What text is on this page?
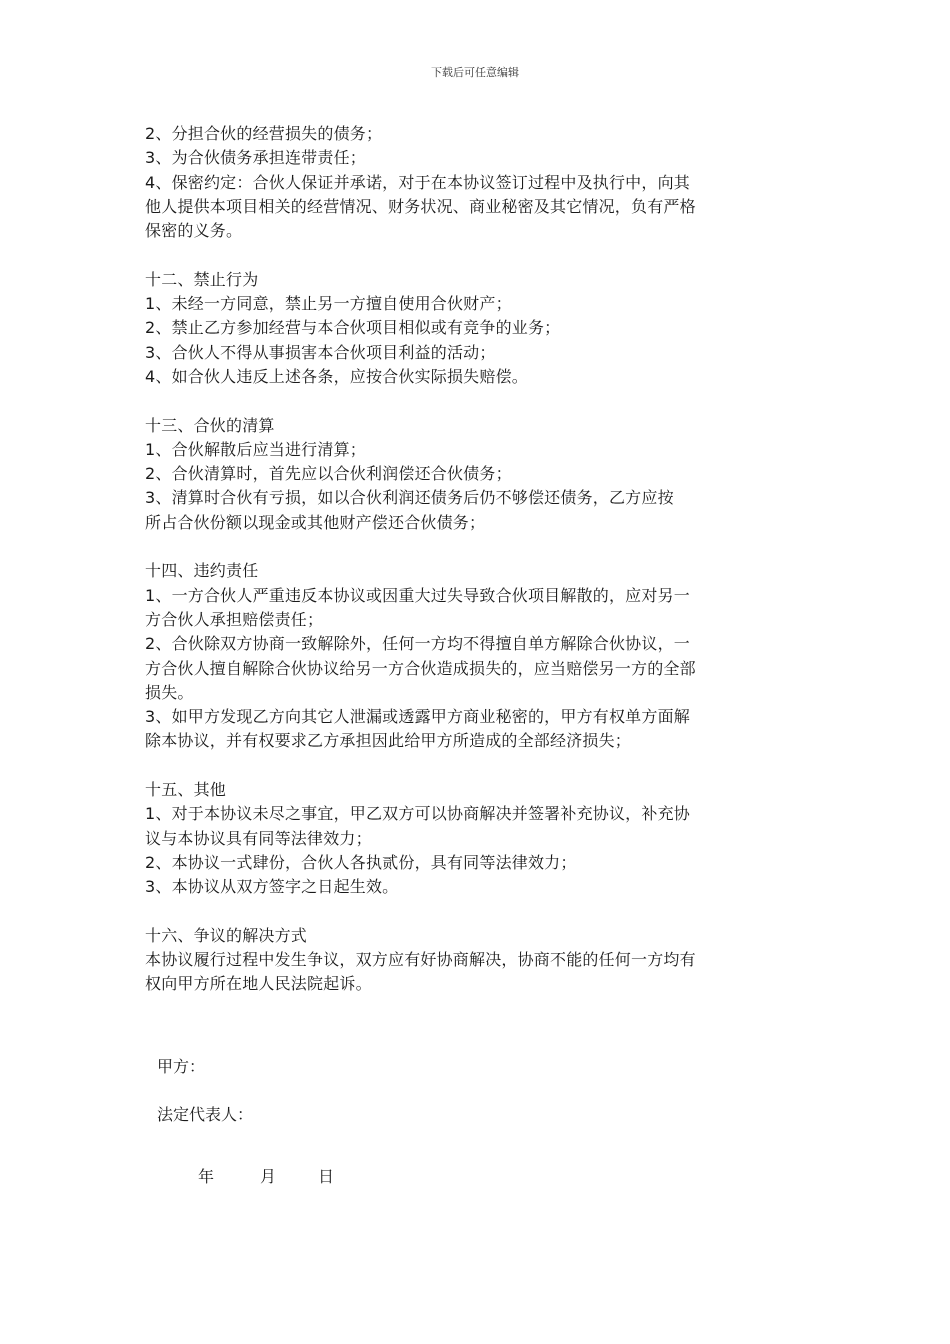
下载后可任意编辑
2、分担合伙的经营损失的债务；
3、为合伙债务承担连带责任；
4、保密约定：合伙人保证并承诺，对于在本协议签订过程中及执行中，向其
他人提供本项目相关的经营情况、财务状况、商业秘密及其它情况，负有严格
保密的义务。
十二、禁止行为
1、未经一方同意，禁止另一方擅自使用合伙财产；
2、禁止乙方参加经营与本合伙项目相似或有竞争的业务；
3、合伙人不得从事损害本合伙项目利益的活动；
4、如合伙人违反上述各条，应按合伙实际损失赔偿。
十三、合伙的清算
1、合伙解散后应当进行清算；
2、合伙清算时，首先应以合伙利润偿还合伙债务；
3、清算时合伙有亏损，如以合伙利润还债务后仍不够偿还债务，乙方应按
所占合伙份额以现金或其他财产偿还合伙债务；
十四、违约责任
1、一方合伙人严重违反本协议或因重大过失导致合伙项目解散的，应对另一
方合伙人承担赔偿责任；
2、合伙除双方协商一致解除外，任何一方均不得擅自单方解除合伙协议，一
方合伙人擅自解除合伙协议给另一方合伙造成损失的，应当赔偿另一方的全部
损失。
3、如甲方发现乙方向其它人泄漏或透露甲方商业秘密的，甲方有权单方面解
除本协议，并有权要求乙方承担因此给甲方所造成的全部经济损失；
十五、其他
1、对于本协议未尽之事宜，甲乙双方可以协商解决并签署补充协议，补充协
议与本协议具有同等法律效力；
2、本协议一式肆份，合伙人各执贰份，具有同等法律效力；
3、本协议从双方签字之日起生效。
十六、争议的解决方式
本协议履行过程中发生争议，双方应有好协商解决，协商不能的任何一方均有
权向甲方所在地人民法院起诉。
甲方：
法定代表人：
年	月	日
